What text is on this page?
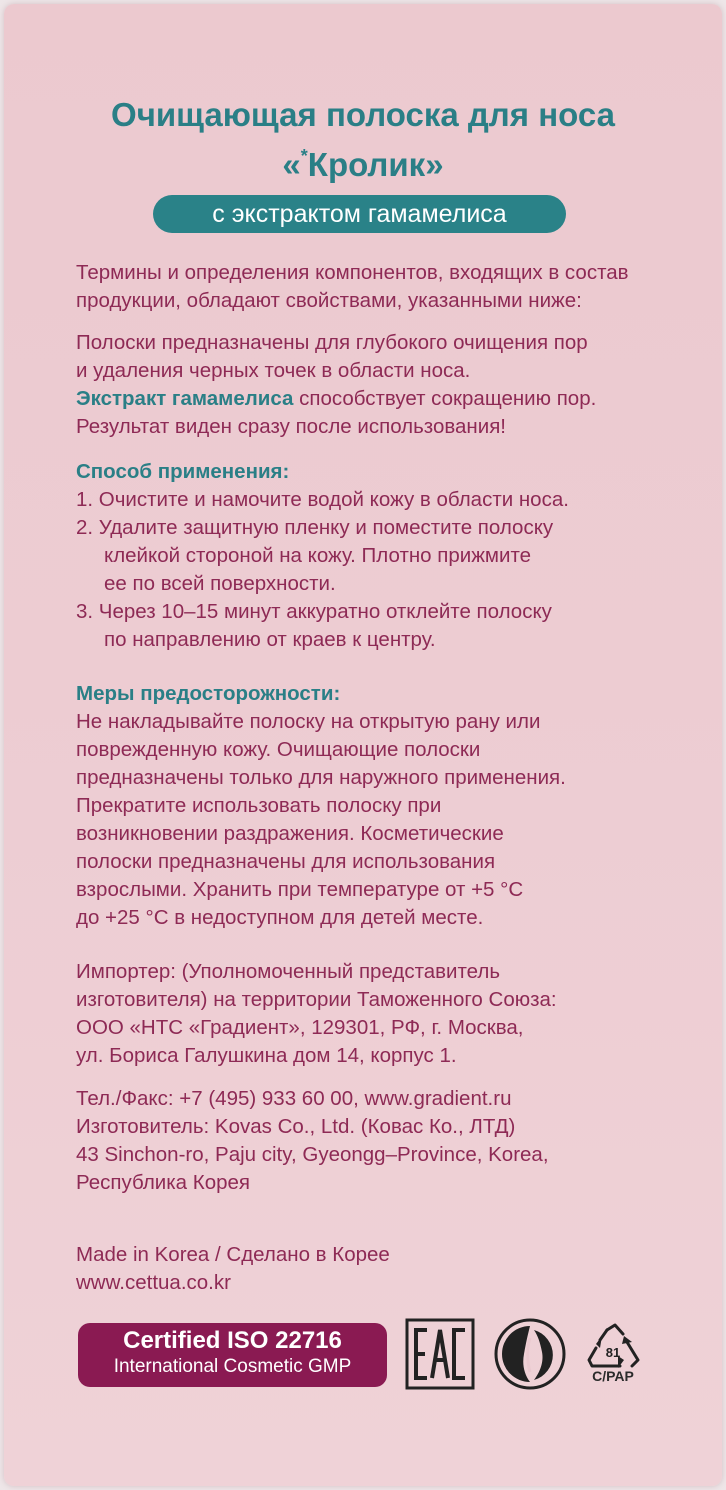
Очищающая полоска для носа
«*Кролик»
с экстрактом гамамелиса

Термины и определения компонентов, входящих в состав

продукции, обладают свойствами, указанными ниже:

Полоски предназначены для глубокого очищения пор

и удаления черных точек в области носа.

Экстракт гамамелиса способствует сокращению пор.

Результат виден сразу после использования!

Способ применения:

1. Очистите и намочите водой кожу в области носа.

2. Удалите защитную пленку и поместите полоску

клейкой стороной на кожу. Плотно прижмите

ее по всей поверхности.

3. Через 10–15 минут аккуратно отклейте полоску

по направлению от краев к центру.

Меры предосторожности:

Не накладывайте полоску на открытую рану или

поврежденную кожу. Очищающие полоски

предназначены только для наружного применения.

Прекратите использовать полоску при

возникновении раздражения. Косметические

полоски предназначены для использования

взрослыми. Хранить при температуре от +5 °С

до +25 °С в недоступном для детей месте.

Импортер: (Уполномоченный представитель

изготовителя) на территории Таможенного Союза:

ООО «НТС «Градиент», 129301, РФ, г. Москва,

ул. Бориса Галушкина дом 14, корпус 1.

Тел./Факс: +7 (495) 933 60 00, www.gradient.ru

Изготовитель: Kovas Co., Ltd. (Ковас Ко., ЛТД)

43 Sinchon-ro, Paju city, Gyeongg–Province, Korea,

Республика Корея

Made in Korea / Сделано в Корее

www.cettua.co.kr

Certified ISO 22716
International Cosmetic GMP
81
C/PAP
